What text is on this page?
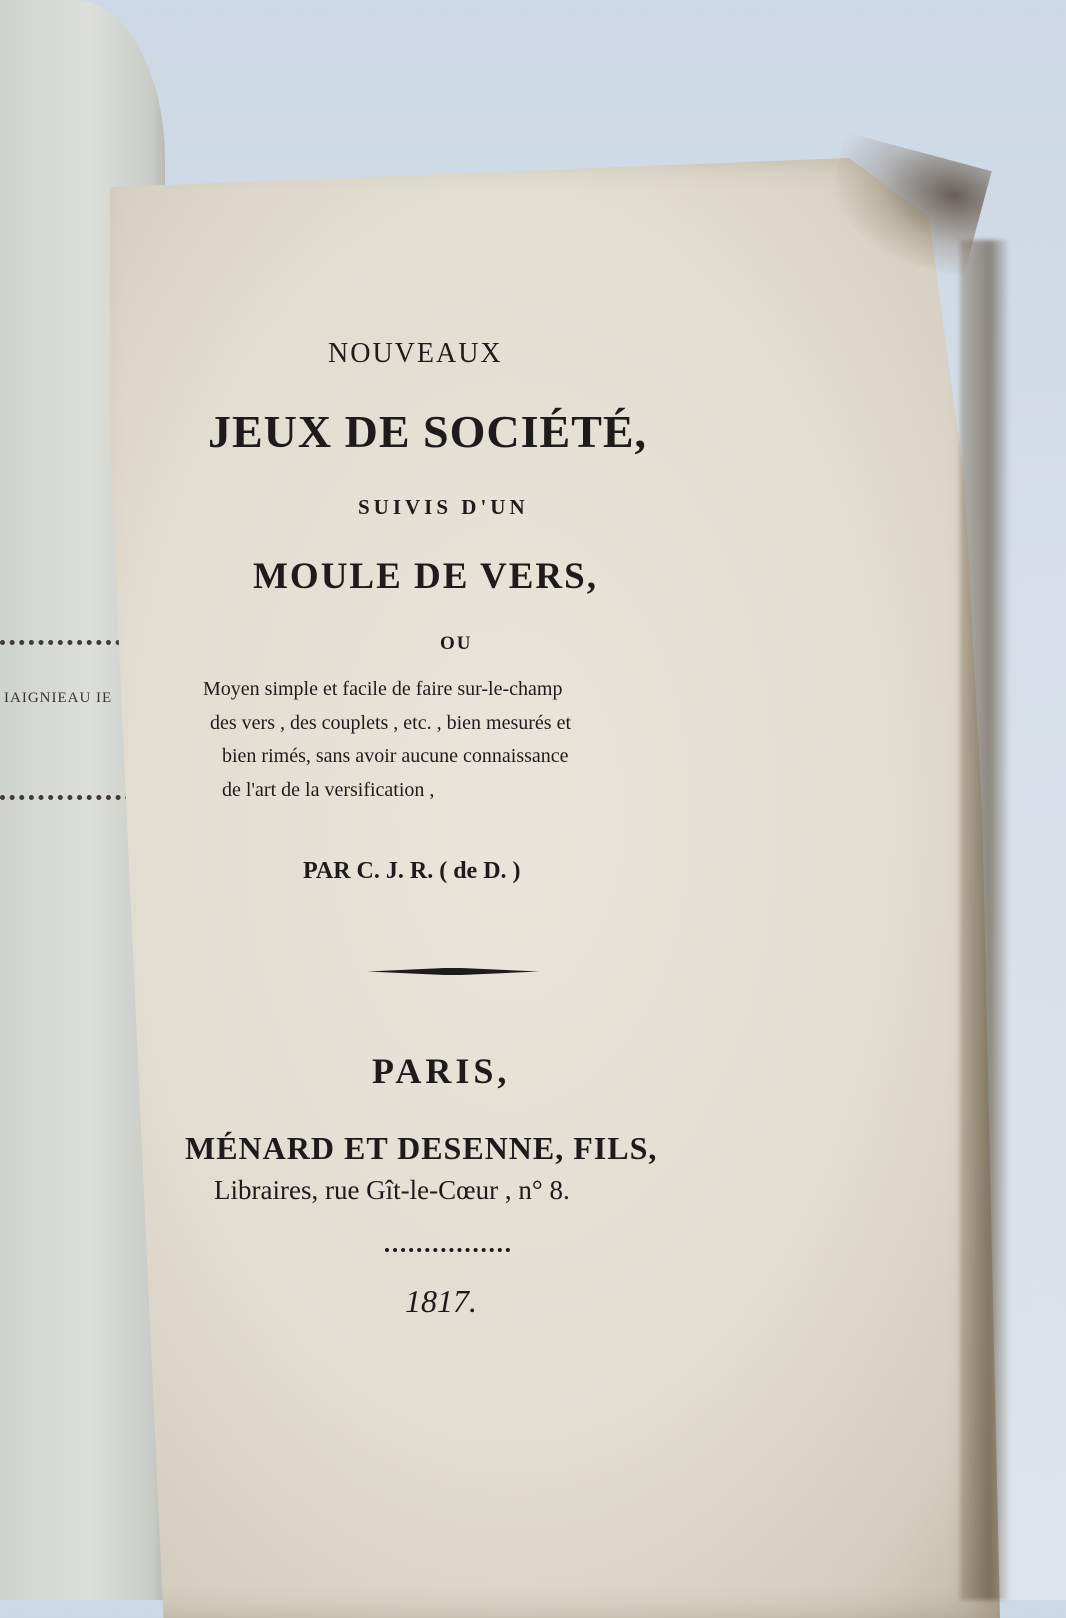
IAIGNIEAU IE
NOUVEAUX
JEUX DE SOCIÉTÉ,
SUIVIS D'UN
MOULE DE VERS,
OU
Moyen simple et facile de faire sur-le-champ
des vers , des couplets , etc. , bien mesurés et
bien rimés, sans avoir aucune connaissance
de l'art de la versification ,
PAR C. J. R. ( de D. )
PARIS,
MÉNARD ET DESENNE, FILS,
Libraires, rue Gît-le-Cœur , n° 8.
1817.
